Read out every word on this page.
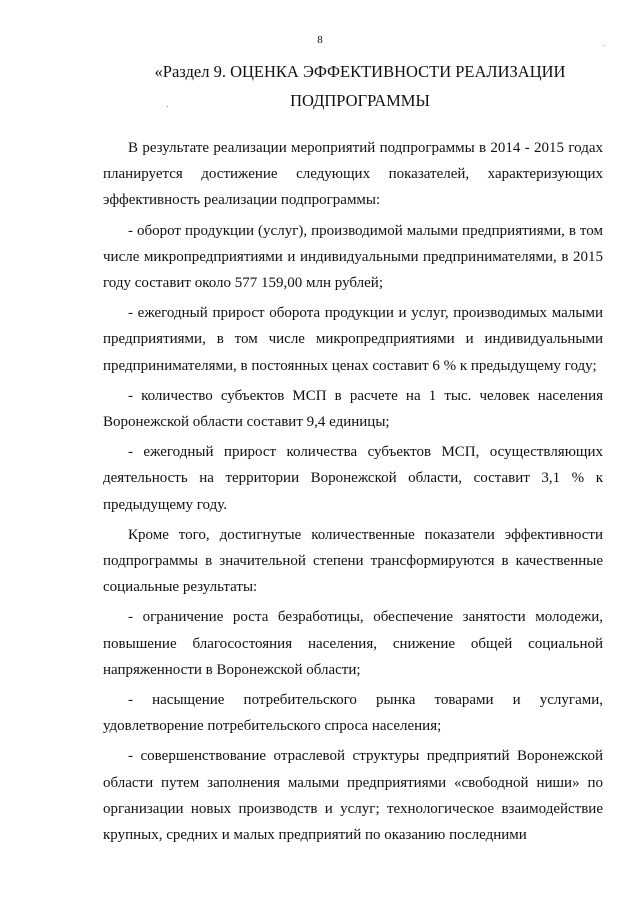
8
«Раздел 9. ОЦЕНКА ЭФФЕКТИВНОСТИ РЕАЛИЗАЦИИ
ПОДПРОГРАММЫ

В результате реализации мероприятий подпрограммы в 2014 - 2015 годах планируется достижение следующих показателей, характеризующих эффективность реализации подпрограммы:

- оборот продукции (услуг), производимой малыми предприятиями, в том числе микропредприятиями и индивидуальными предпринимателями, в 2015 году составит около 577 159,00 млн рублей;

- ежегодный прирост оборота продукции и услуг, производимых малыми предприятиями, в том числе микропредприятиями и индивидуальными предпринимателями, в постоянных ценах составит 6 % к предыдущему году;

- количество субъектов МСП в расчете на 1 тыс. человек населения Воронежской области составит 9,4 единицы;

- ежегодный прирост количества субъектов МСП, осуществляющих деятельность на территории Воронежской области, составит 3,1 % к предыдущему году.

Кроме того, достигнутые количественные показатели эффективности подпрограммы в значительной степени трансформируются в качественные социальные результаты:

- ограничение роста безработицы, обеспечение занятости молодежи, повышение благосостояния населения, снижение общей социальной напряженности в Воронежской области;

- насыщение потребительского рынка товарами и услугами, удовлетворение потребительского спроса населения;

- совершенствование отраслевой структуры предприятий Воронежской области путем заполнения малыми предприятиями «свободной ниши» по организации новых производств и услуг; технологическое взаимодействие крупных, средних и малых предприятий по оказанию последними
